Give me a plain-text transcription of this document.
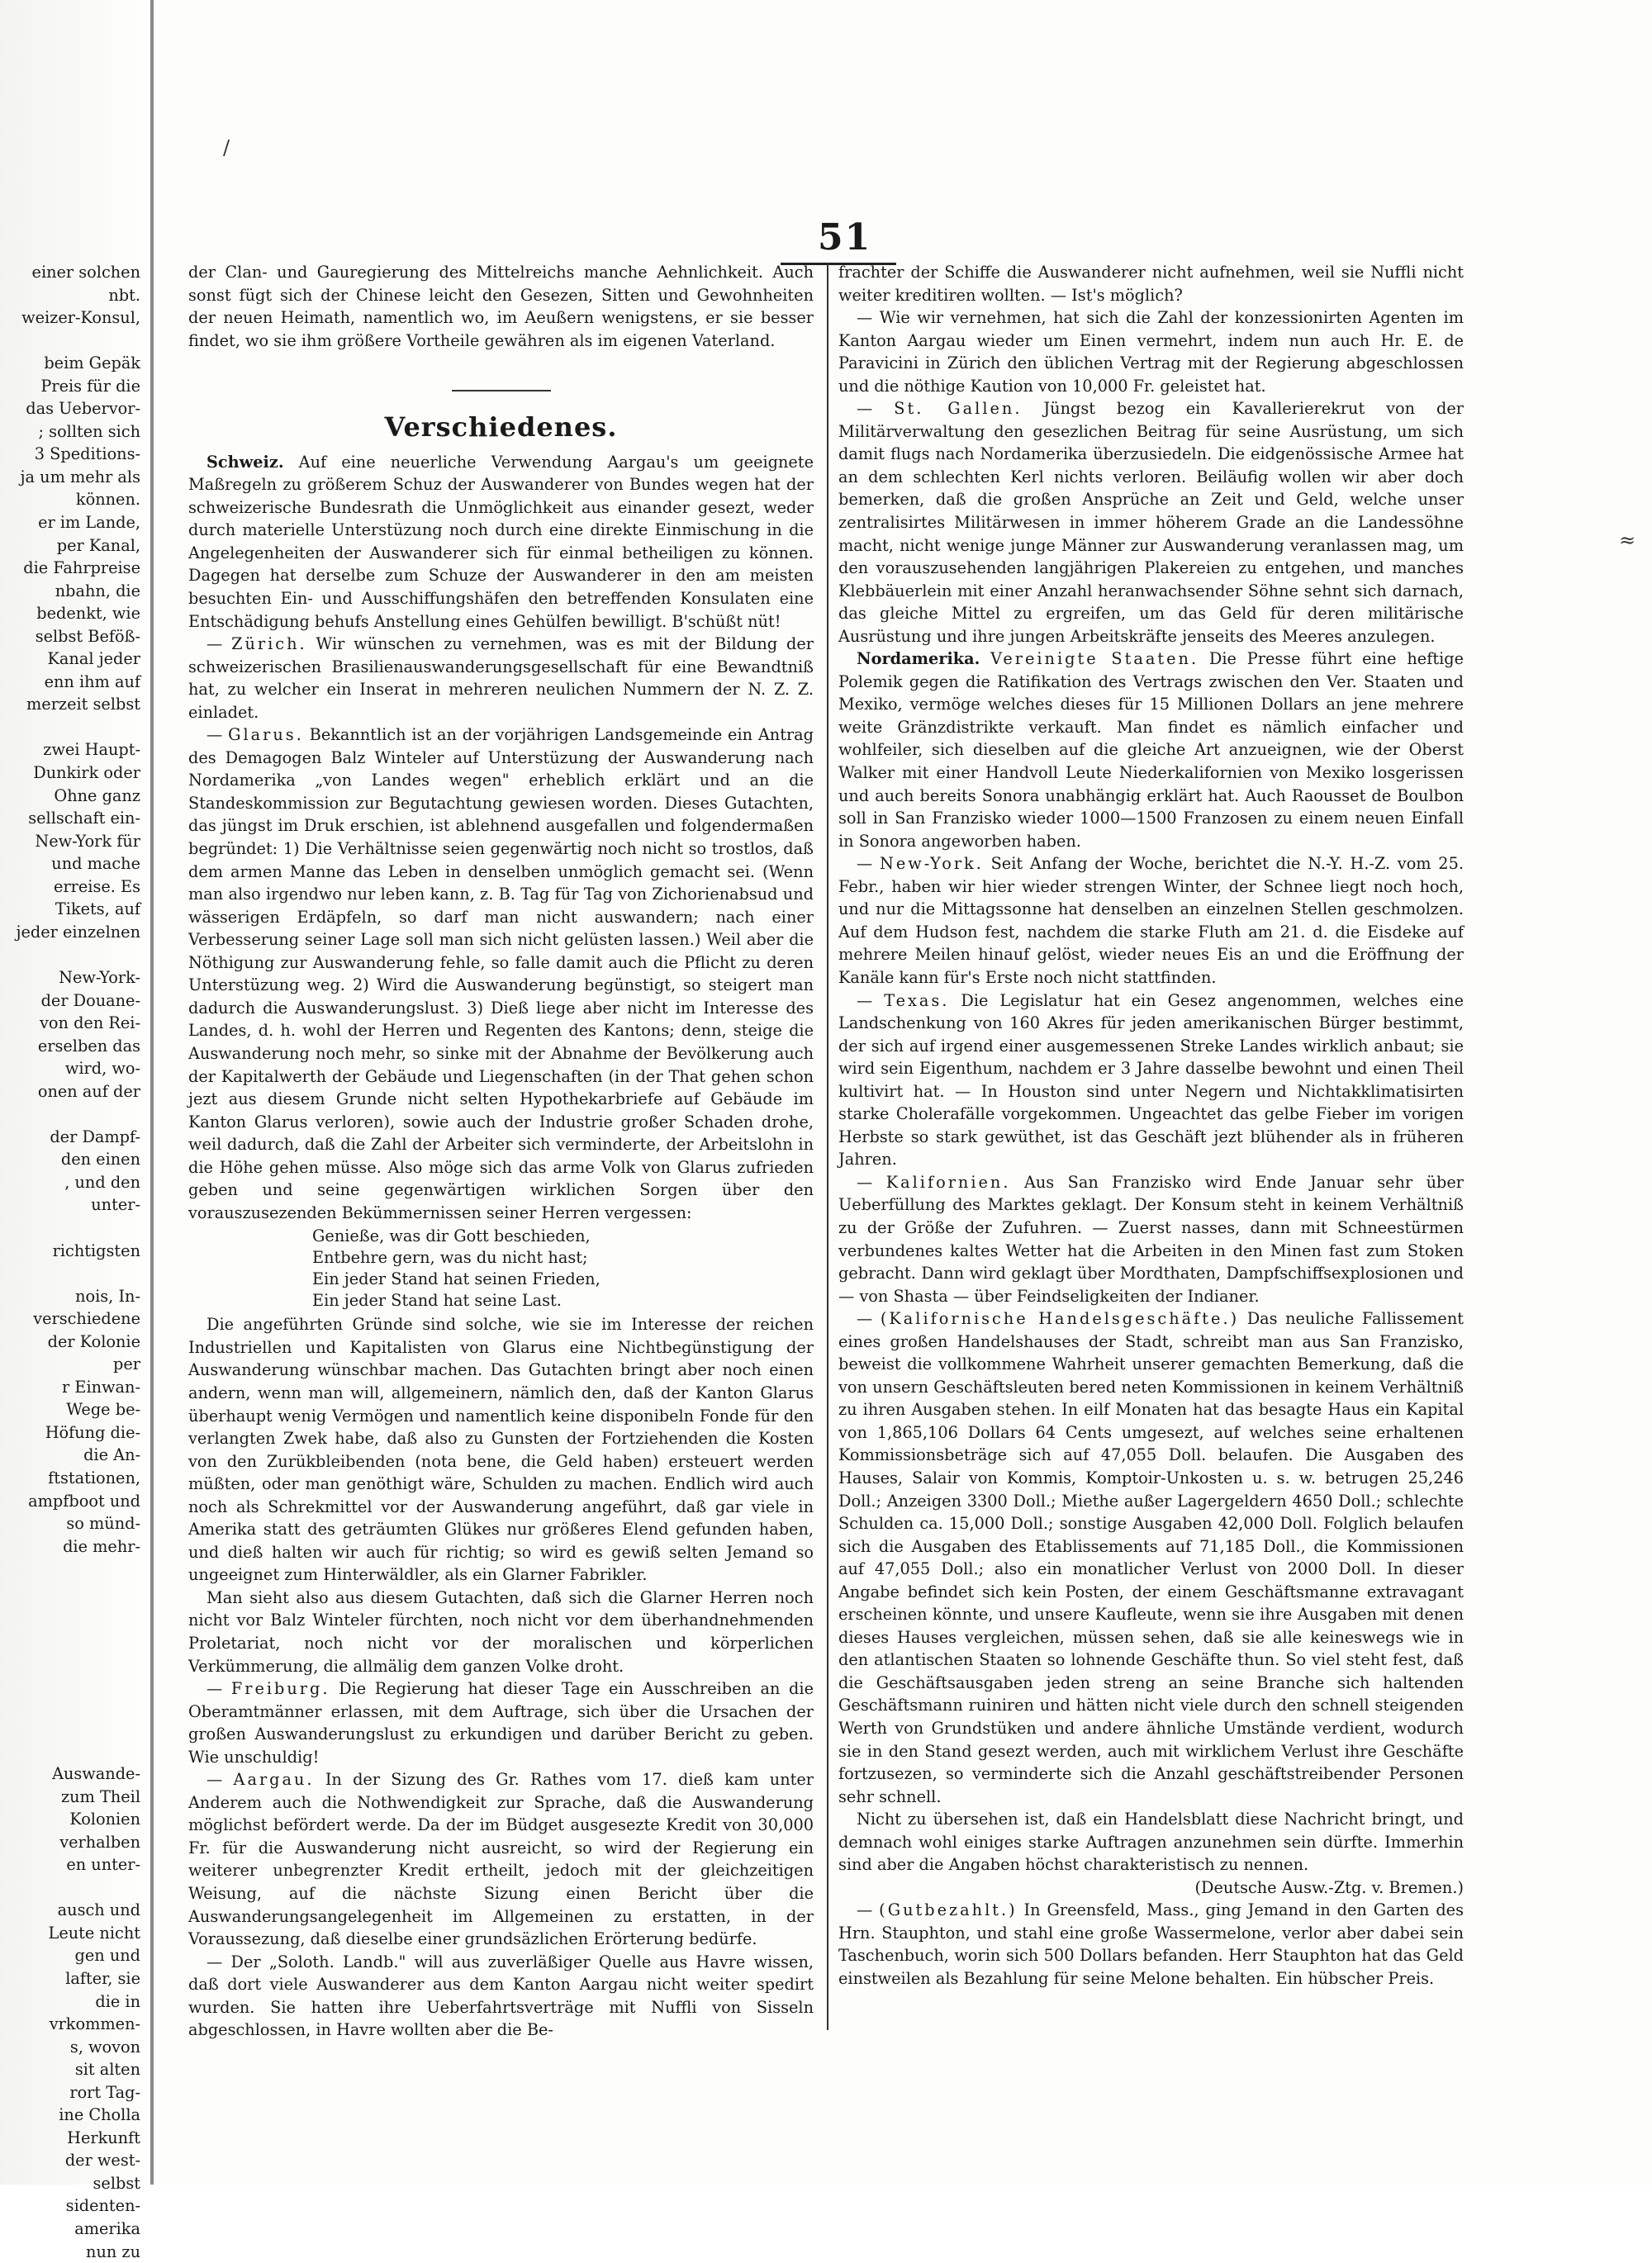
/
≈
51
einer solchen
nbt.
weizer-Konsul,

beim Gepäk
Preis für die
das Uebervor-
; sollten sich
3 Speditions-
ja um mehr als
können.
er im Lande,
per Kanal,
die Fahrpreise
nbahn, die
bedenkt, wie
selbst Beföß-
Kanal jeder
enn ihm auf
merzeit selbst

zwei Haupt-
Dunkirk oder
Ohne ganz
sellschaft ein-
New-York für
und mache
erreise. Es
Tikets, auf
jeder einzelnen

New-York-
der Douane-
von den Rei-
erselben das
wird, wo-
onen auf der

der Dampf-
den einen
, und den
unter-

richtigsten

nois, In-
verschiedene
der Kolonie
per
r Einwan-
Wege be-
Höfung die-
die An-
ftstationen,
ampfboot und
so münd-
die mehr-

Auswande-
zum Theil
Kolonien
verhalben
en unter-

ausch und
Leute nicht
gen und
lafter, sie
die in
vrkommen-
s, wovon
sit alten
rort Tag-
ine Cholla
Herkunft
der west-
selbst
sidenten-
amerika
nun zu

der Clan- und Gauregierung des Mittelreichs manche Aehnlichkeit. Auch sonst fügt sich der Chinese leicht den Gesezen, Sitten und Gewohnheiten der neuen Heimath, namentlich wo, im Aeußern wenigstens, er sie besser findet, wo sie ihm größere Vortheile gewähren als im eigenen Vaterland.

Verschiedenes.

Schweiz. Auf eine neuerliche Verwendung Aargau's um geeignete Maßregeln zu größerem Schuz der Auswanderer von Bundes wegen hat der schweizerische Bundesrath die Unmöglichkeit aus einander gesezt, weder durch materielle Unterstüzung noch durch eine direkte Einmischung in die Angelegenheiten der Auswanderer sich für einmal betheiligen zu können. Dagegen hat derselbe zum Schuze der Auswanderer in den am meisten besuchten Ein- und Ausschiffungshäfen den betreffenden Konsulaten eine Entschädigung behufs Anstellung eines Gehülfen bewilligt. B'schüßt nüt!

— Zürich. Wir wünschen zu vernehmen, was es mit der Bildung der schweizerischen Brasilienauswanderungsgesellschaft für eine Bewandtniß hat, zu welcher ein Inserat in mehreren neulichen Nummern der N. Z. Z. einladet.

— Glarus. Bekanntlich ist an der vorjährigen Landsgemeinde ein Antrag des Demagogen Balz Winteler auf Unterstüzung der Auswanderung nach Nordamerika „von Landes wegen" erheblich erklärt und an die Standeskommission zur Begutachtung gewiesen worden. Dieses Gutachten, das jüngst im Druk erschien, ist ablehnend ausgefallen und folgendermaßen begründet: 1) Die Verhältnisse seien gegenwärtig noch nicht so trostlos, daß dem armen Manne das Leben in denselben unmöglich gemacht sei. (Wenn man also irgendwo nur leben kann, z. B. Tag für Tag von Zichorienabsud und wässerigen Erdäpfeln, so darf man nicht auswandern; nach einer Verbesserung seiner Lage soll man sich nicht gelüsten lassen.) Weil aber die Nöthigung zur Auswanderung fehle, so falle damit auch die Pflicht zu deren Unterstüzung weg. 2) Wird die Auswanderung begünstigt, so steigert man dadurch die Auswanderungslust. 3) Dieß liege aber nicht im Interesse des Landes, d. h. wohl der Herren und Regenten des Kantons; denn, steige die Auswanderung noch mehr, so sinke mit der Abnahme der Bevölkerung auch der Kapitalwerth der Gebäude und Liegenschaften (in der That gehen schon jezt aus diesem Grunde nicht selten Hypothekarbriefe auf Gebäude im Kanton Glarus verloren), sowie auch der Industrie großer Schaden drohe, weil dadurch, daß die Zahl der Arbeiter sich verminderte, der Arbeitslohn in die Höhe gehen müsse. Also möge sich das arme Volk von Glarus zufrieden geben und seine gegenwärtigen wirklichen Sorgen über den vorauszusezenden Bekümmernissen seiner Herren vergessen:

Genieße, was dir Gott beschieden,
Entbehre gern, was du nicht hast;
Ein jeder Stand hat seinen Frieden,
Ein jeder Stand hat seine Last.

Die angeführten Gründe sind solche, wie sie im Interesse der reichen Industriellen und Kapitalisten von Glarus eine Nichtbegünstigung der Auswanderung wünschbar machen. Das Gutachten bringt aber noch einen andern, wenn man will, allgemeinern, nämlich den, daß der Kanton Glarus überhaupt wenig Vermögen und namentlich keine disponibeln Fonde für den verlangten Zwek habe, daß also zu Gunsten der Fortziehenden die Kosten von den Zurükbleibenden (nota bene, die Geld haben) ersteuert werden müßten, oder man genöthigt wäre, Schulden zu machen. Endlich wird auch noch als Schrekmittel vor der Auswanderung angeführt, daß gar viele in Amerika statt des geträumten Glükes nur größeres Elend gefunden haben, und dieß halten wir auch für richtig; so wird es gewiß selten Jemand so ungeeignet zum Hinterwäldler, als ein Glarner Fabrikler.

Man sieht also aus diesem Gutachten, daß sich die Glarner Herren noch nicht vor Balz Winteler fürchten, noch nicht vor dem überhandnehmenden Proletariat, noch nicht vor der moralischen und körperlichen Verkümmerung, die allmälig dem ganzen Volke droht.

— Freiburg. Die Regierung hat dieser Tage ein Ausschreiben an die Oberamtmänner erlassen, mit dem Auftrage, sich über die Ursachen der großen Auswanderungslust zu erkundigen und darüber Bericht zu geben. Wie unschuldig!

— Aargau. In der Sizung des Gr. Rathes vom 17. dieß kam unter Anderem auch die Nothwendigkeit zur Sprache, daß die Auswanderung möglichst befördert werde. Da der im Büdget ausgesezte Kredit von 30,000 Fr. für die Auswanderung nicht ausreicht, so wird der Regierung ein weiterer unbegrenzter Kredit ertheilt, jedoch mit der gleichzeitigen Weisung, auf die nächste Sizung einen Bericht über die Auswanderungsangelegenheit im Allgemeinen zu erstatten, in der Voraussezung, daß dieselbe einer grundsäzlichen Erörterung bedürfe.

— Der „Soloth. Landb." will aus zuverläßiger Quelle aus Havre wissen, daß dort viele Auswanderer aus dem Kanton Aargau nicht weiter spedirt wurden. Sie hatten ihre Ueberfahrtsverträge mit Nuffli von Sisseln abgeschlossen, in Havre wollten aber die Be-

frachter der Schiffe die Auswanderer nicht aufnehmen, weil sie Nuffli nicht weiter kreditiren wollten. — Ist's möglich?

— Wie wir vernehmen, hat sich die Zahl der konzessionirten Agenten im Kanton Aargau wieder um Einen vermehrt, indem nun auch Hr. E. de Paravicini in Zürich den üblichen Vertrag mit der Regierung abgeschlossen und die nöthige Kaution von 10,000 Fr. geleistet hat.

— St. Gallen. Jüngst bezog ein Kavallerierekrut von der Militärverwaltung den gesezlichen Beitrag für seine Ausrüstung, um sich damit flugs nach Nordamerika überzusiedeln. Die eidgenössische Armee hat an dem schlechten Kerl nichts verloren. Beiläufig wollen wir aber doch bemerken, daß die großen Ansprüche an Zeit und Geld, welche unser zentralisirtes Militärwesen in immer höherem Grade an die Landessöhne macht, nicht wenige junge Männer zur Auswanderung veranlassen mag, um den vorauszusehenden langjährigen Plakereien zu entgehen, und manches Klebbäuerlein mit einer Anzahl heranwachsender Söhne sehnt sich darnach, das gleiche Mittel zu ergreifen, um das Geld für deren militärische Ausrüstung und ihre jungen Arbeitskräfte jenseits des Meeres anzulegen.

Nordamerika. Vereinigte Staaten. Die Presse führt eine heftige Polemik gegen die Ratifikation des Vertrags zwischen den Ver. Staaten und Mexiko, vermöge welches dieses für 15 Millionen Dollars an jene mehrere weite Gränzdistrikte verkauft. Man findet es nämlich einfacher und wohlfeiler, sich dieselben auf die gleiche Art anzueignen, wie der Oberst Walker mit einer Handvoll Leute Niederkalifornien von Mexiko losgerissen und auch bereits Sonora unabhängig erklärt hat. Auch Raousset de Boulbon soll in San Franzisko wieder 1000—1500 Franzosen zu einem neuen Einfall in Sonora angeworben haben.

— New-York. Seit Anfang der Woche, berichtet die N.-Y. H.-Z. vom 25. Febr., haben wir hier wieder strengen Winter, der Schnee liegt noch hoch, und nur die Mittagssonne hat denselben an einzelnen Stellen geschmolzen. Auf dem Hudson fest, nachdem die starke Fluth am 21. d. die Eisdeke auf mehrere Meilen hinauf gelöst, wieder neues Eis an und die Eröffnung der Kanäle kann für's Erste noch nicht stattfinden.

— Texas. Die Legislatur hat ein Gesez angenommen, welches eine Landschenkung von 160 Akres für jeden amerikanischen Bürger bestimmt, der sich auf irgend einer ausgemessenen Streke Landes wirklich anbaut; sie wird sein Eigenthum, nachdem er 3 Jahre dasselbe bewohnt und einen Theil kultivirt hat. — In Houston sind unter Negern und Nichtakklimatisirten starke Cholerafälle vorgekommen. Ungeachtet das gelbe Fieber im vorigen Herbste so stark gewüthet, ist das Geschäft jezt blühender als in früheren Jahren.

— Kalifornien. Aus San Franzisko wird Ende Januar sehr über Ueberfüllung des Marktes geklagt. Der Konsum steht in keinem Verhältniß zu der Größe der Zufuhren. — Zuerst nasses, dann mit Schneestürmen verbundenes kaltes Wetter hat die Arbeiten in den Minen fast zum Stoken gebracht. Dann wird geklagt über Mordthaten, Dampfschiffsexplosionen und — von Shasta — über Feindseligkeiten der Indianer.

— (Kalifornische Handelsgeschäfte.) Das neuliche Fallissement eines großen Handelshauses der Stadt, schreibt man aus San Franzisko, beweist die vollkommene Wahrheit unserer gemachten Bemerkung, daß die von unsern Geschäftsleuten bered neten Kommissionen in keinem Verhältniß zu ihren Ausgaben stehen. In eilf Monaten hat das besagte Haus ein Kapital von 1,865,106 Dollars 64 Cents umgesezt, auf welches seine erhaltenen Kommissionsbeträge sich auf 47,055 Doll. belaufen. Die Ausgaben des Hauses, Salair von Kommis, Komptoir-Unkosten u. s. w. betrugen 25,246 Doll.; Anzeigen 3300 Doll.; Miethe außer Lagergeldern 4650 Doll.; schlechte Schulden ca. 15,000 Doll.; sonstige Ausgaben 42,000 Doll. Folglich belaufen sich die Ausgaben des Etablissements auf 71,185 Doll., die Kommissionen auf 47,055 Doll.; also ein monatlicher Verlust von 2000 Doll. In dieser Angabe befindet sich kein Posten, der einem Geschäftsmanne extravagant erscheinen könnte, und unsere Kaufleute, wenn sie ihre Ausgaben mit denen dieses Hauses vergleichen, müssen sehen, daß sie alle keineswegs wie in den atlantischen Staaten so lohnende Geschäfte thun. So viel steht fest, daß die Geschäftsausgaben jeden streng an seine Branche sich haltenden Geschäftsmann ruiniren und hätten nicht viele durch den schnell steigenden Werth von Grundstüken und andere ähnliche Umstände verdient, wodurch sie in den Stand gesezt werden, auch mit wirklichem Verlust ihre Geschäfte fortzusezen, so verminderte sich die Anzahl geschäftstreibender Personen sehr schnell.

Nicht zu übersehen ist, daß ein Handelsblatt diese Nachricht bringt, und demnach wohl einiges starke Auftragen anzunehmen sein dürfte. Immerhin sind aber die Angaben höchst charakteristisch zu nennen.

(Deutsche Ausw.-Ztg. v. Bremen.)

— (Gutbezahlt.) In Greensfeld, Mass., ging Jemand in den Garten des Hrn. Stauphton, und stahl eine große Wassermelone, verlor aber dabei sein Taschenbuch, worin sich 500 Dollars befanden. Herr Stauphton hat das Geld einstweilen als Bezahlung für seine Melone behalten. Ein hübscher Preis.
